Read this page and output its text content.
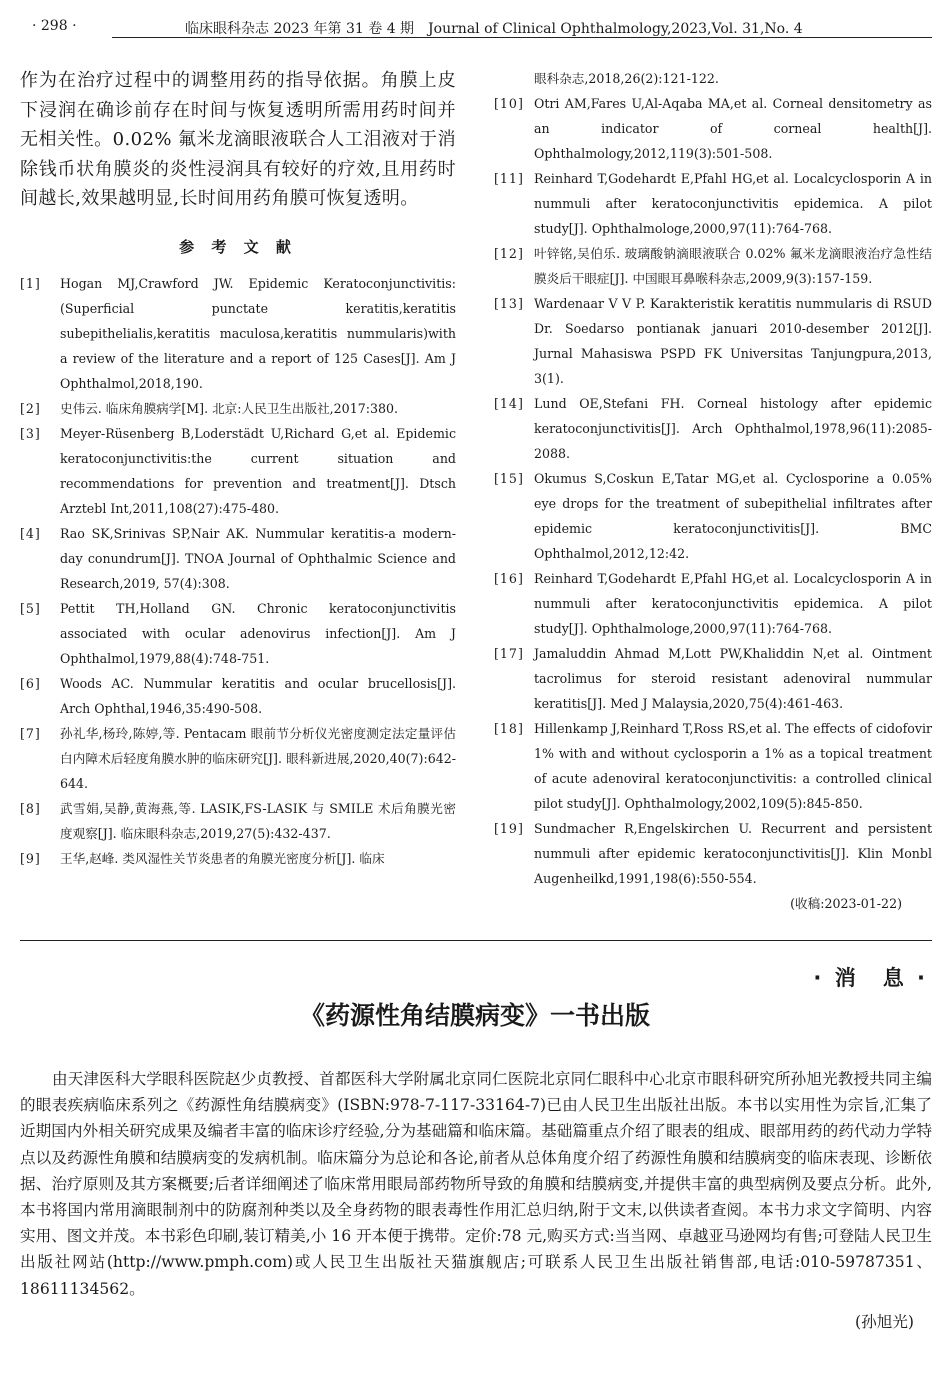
· 298 ·	临床眼科杂志 2023 年第 31 卷 4 期　Journal of Clinical Ophthalmology,2023,Vol. 31,No. 4

作为在治疗过程中的调整用药的指导依据。角膜上皮下浸润在确诊前存在时间与恢复透明所需用药时间并无相关性。0.02% 氟米龙滴眼液联合人工泪液对于消除钱币状角膜炎的炎性浸润具有较好的疗效,且用药时间越长,效果越明显,长时间用药角膜可恢复透明。

参 考 文 献
[1] Hogan MJ,Crawford JW. Epidemic Keratoconjunctivitis:(Superficial punctate keratitis,keratitis subepithelialis,keratitis maculosa,keratitis nummularis)with a review of the literature and a report of 125 Cases[J]. Am J Ophthalmol,2018,190.
[2] 史伟云. 临床角膜病学[M]. 北京:人民卫生出版社,2017:380.
[3] Meyer-Rüsenberg B,Loderstädt U,Richard G,et al. Epidemic keratoconjunctivitis:the current situation and recommendations for prevention and treatment[J]. Dtsch Arztebl Int,2011,108(27):475-480.
[4] Rao SK,Srinivas SP,Nair AK. Nummular keratitis-a modern-day conundrum[J]. TNOA Journal of Ophthalmic Science and Research,2019, 57(4):308.
[5] Pettit TH,Holland GN. Chronic keratoconjunctivitis associated with ocular adenovirus infection[J]. Am J Ophthalmol,1979,88(4):748-751.
[6] Woods AC. Nummular keratitis and ocular brucellosis[J]. Arch Ophthal,1946,35:490-508.
[7] 孙礼华,杨玲,陈婷,等. Pentacam 眼前节分析仪光密度测定法定量评估白内障术后轻度角膜水肿的临床研究[J]. 眼科新进展,2020,40(7):642-644.
[8] 武雪娟,吴静,黄海燕,等. LASIK,FS-LASIK 与 SMILE 术后角膜光密度观察[J]. 临床眼科杂志,2019,27(5):432-437.
[9] 王华,赵峰. 类风湿性关节炎患者的角膜光密度分析[J]. 临床
眼科杂志,2018,26(2):121-122.
[10] Otri AM,Fares U,Al-Aqaba MA,et al. Corneal densitometry as an indicator of corneal health[J]. Ophthalmology,2012,119(3):501-508.
[11] Reinhard T,Godehardt E,Pfahl HG,et al. Localcyclosporin A in nummuli after keratoconjunctivitis epidemica. A pilot study[J]. Ophthalmologe,2000,97(11):764-768.
[12] 叶锌铭,吴伯乐. 玻璃酸钠滴眼液联合 0.02% 氟米龙滴眼液治疗急性结膜炎后干眼症[J]. 中国眼耳鼻喉科杂志,2009,9(3):157-159.
[13] Wardenaar V V P. Karakteristik keratitis nummularis di RSUD Dr. Soedarso pontianak januari 2010-desember 2012[J]. Jurnal Mahasiswa PSPD FK Universitas Tanjungpura,2013, 3(1).
[14] Lund OE,Stefani FH. Corneal histology after epidemic keratoconjunctivitis[J]. Arch Ophthalmol,1978,96(11):2085-2088.
[15] Okumus S,Coskun E,Tatar MG,et al. Cyclosporine a 0.05% eye drops for the treatment of subepithelial infiltrates after epidemic keratoconjunctivitis[J]. BMC Ophthalmol,2012,12:42.
[16] Reinhard T,Godehardt E,Pfahl HG,et al. Localcyclosporin A in nummuli after keratoconjunctivitis epidemica. A pilot study[J]. Ophthalmologe,2000,97(11):764-768.
[17] Jamaluddin Ahmad M,Lott PW,Khaliddin N,et al. Ointment tacrolimus for steroid resistant adenoviral nummular keratitis[J]. Med J Malaysia,2020,75(4):461-463.
[18] Hillenkamp J,Reinhard T,Ross RS,et al. The effects of cidofovir 1% with and without cyclosporin a 1% as a topical treatment of acute adenoviral keratoconjunctivitis: a controlled clinical pilot study[J]. Ophthalmology,2002,109(5):845-850.
[19] Sundmacher R,Engelskirchen U. Recurrent and persistent nummuli after epidemic keratoconjunctivitis[J]. Klin Monbl Augenheilkd,1991,198(6):550-554.
(收稿:2023-01-22)
· 消　息 ·
《药源性角结膜病变》一书出版

由天津医科大学眼科医院赵少贞教授、首都医科大学附属北京同仁医院北京同仁眼科中心北京市眼科研究所孙旭光教授共同主编的眼表疾病临床系列之《药源性角结膜病变》(ISBN:978-7-117-33164-7)已由人民卫生出版社出版。本书以实用性为宗旨,汇集了近期国内外相关研究成果及编者丰富的临床诊疗经验,分为基础篇和临床篇。基础篇重点介绍了眼表的组成、眼部用药的药代动力学特点以及药源性角膜和结膜病变的发病机制。临床篇分为总论和各论,前者从总体角度介绍了药源性角膜和结膜病变的临床表现、诊断依据、治疗原则及其方案概要;后者详细阐述了临床常用眼局部药物所导致的角膜和结膜病变,并提供丰富的典型病例及要点分析。此外,本书将国内常用滴眼制剂中的防腐剂种类以及全身药物的眼表毒性作用汇总归纳,附于文末,以供读者查阅。本书力求文字简明、内容实用、图文并茂。本书彩色印刷,装订精美,小 16 开本便于携带。定价:78 元,购买方式:当当网、卓越亚马逊网均有售;可登陆人民卫生出版社网站(http://www.pmph.com)或人民卫生出版社天猫旗舰店;可联系人民卫生出版社销售部,电话:010-59787351、18611134562。

(孙旭光)
